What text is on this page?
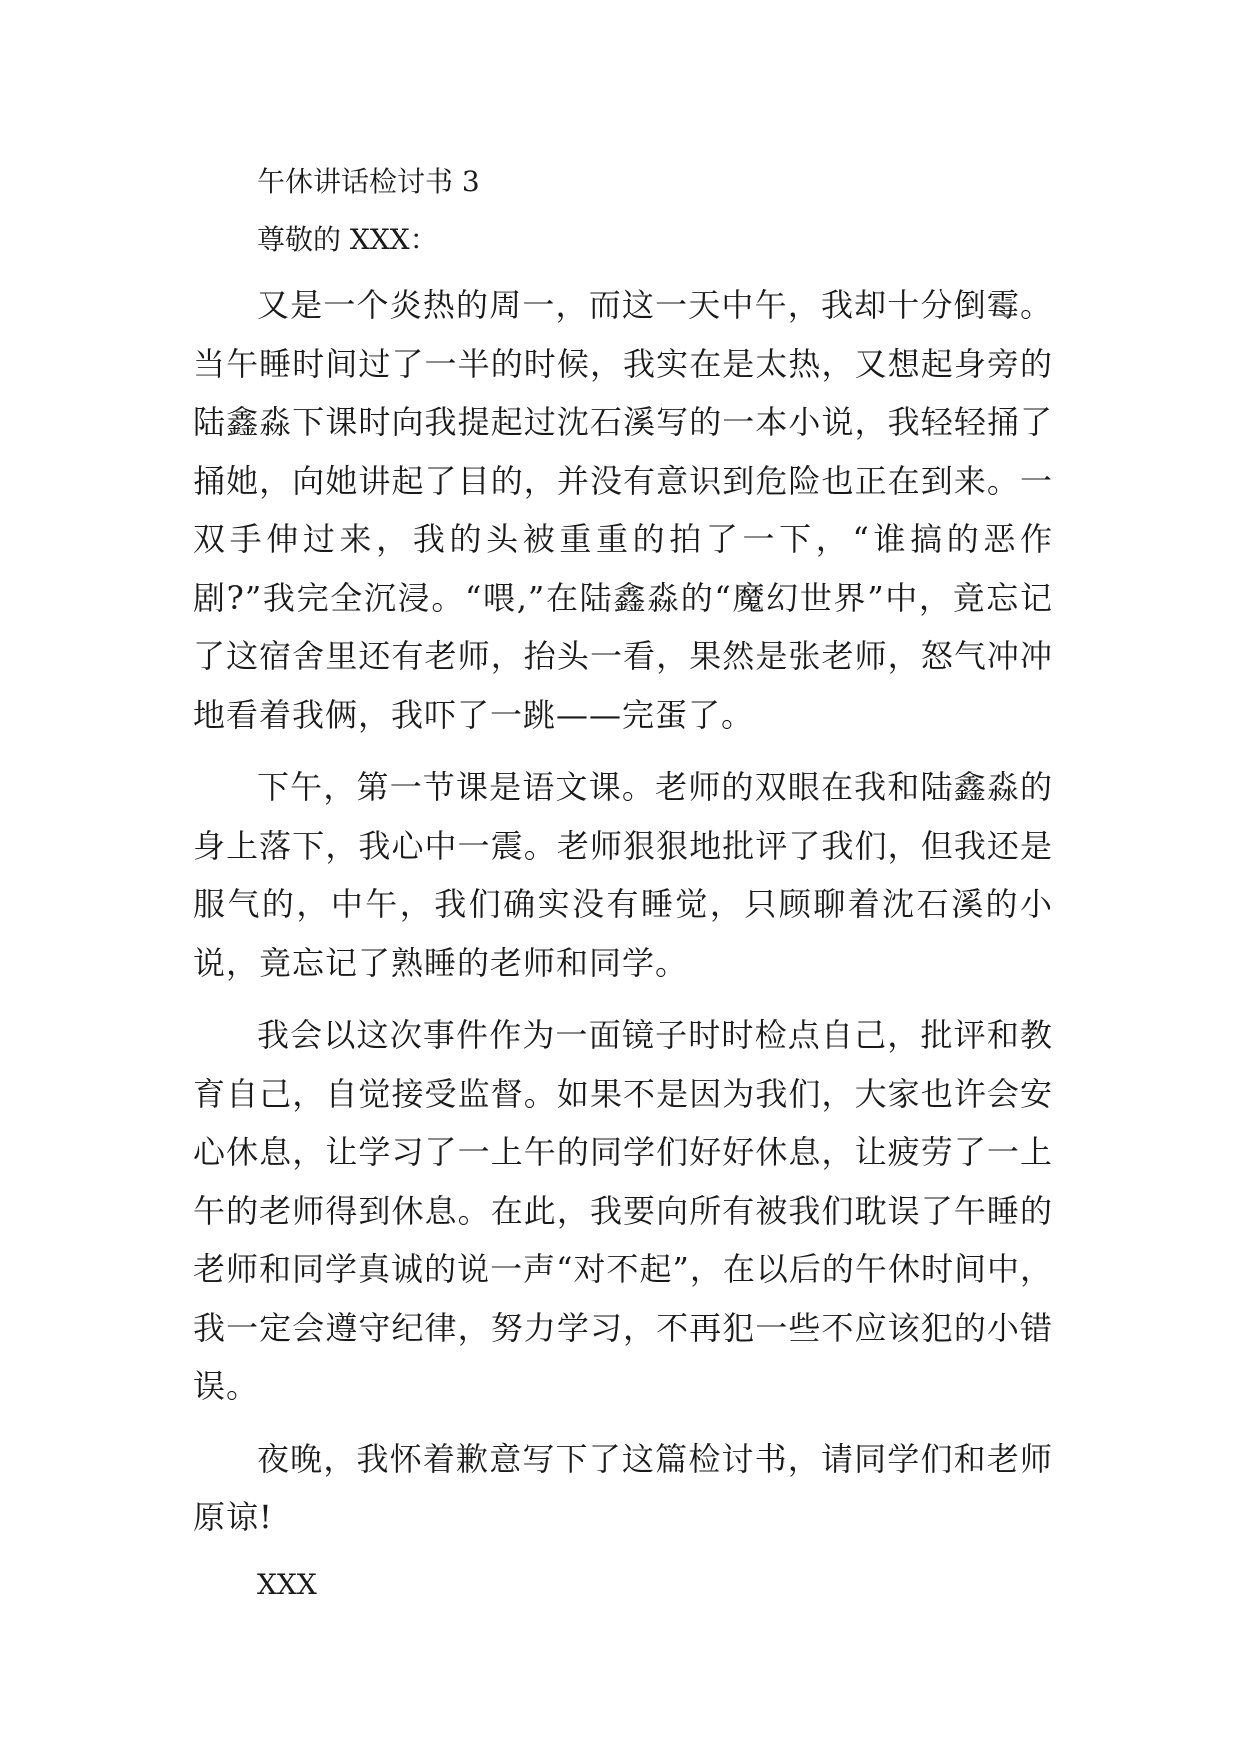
午休讲话检讨书 3

尊敬的 XXX：

又是一个炎热的周一，而这一天中午，我却十分倒霉。当午睡时间过了一半的时候，我实在是太热，又想起身旁的陆鑫淼下课时向我提起过沈石溪写的一本小说，我轻轻捅了捅她，向她讲起了目的，并没有意识到危险也正在到来。一双手伸过来，我的头被重重的拍了一下，“谁搞的恶作剧?”我完全沉浸。“喂,”在陆鑫淼的“魔幻世界”中，竟忘记了这宿舍里还有老师，抬头一看，果然是张老师，怒气冲冲地看着我俩，我吓了一跳——完蛋了。

下午，第一节课是语文课。老师的双眼在我和陆鑫淼的身上落下，我心中一震。老师狠狠地批评了我们，但我还是服气的，中午，我们确实没有睡觉，只顾聊着沈石溪的小说，竟忘记了熟睡的老师和同学。

我会以这次事件作为一面镜子时时检点自己，批评和教育自己，自觉接受监督。如果不是因为我们，大家也许会安心休息，让学习了一上午的同学们好好休息，让疲劳了一上午的老师得到休息。在此，我要向所有被我们耽误了午睡的老师和同学真诚的说一声“对不起”，在以后的午休时间中，我一定会遵守纪律，努力学习，不再犯一些不应该犯的小错误。

夜晚，我怀着歉意写下了这篇检讨书，请同学们和老师原谅!

XXX
